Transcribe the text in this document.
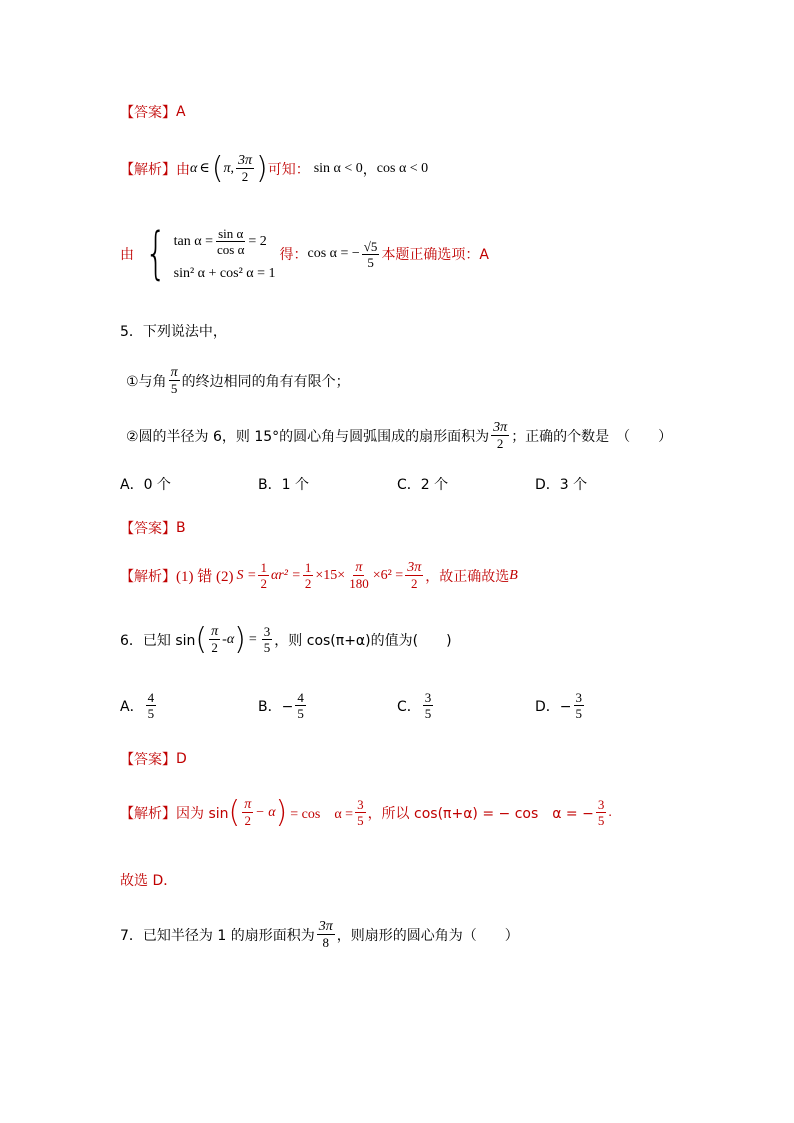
【答案】 A
【解析】 由 α ∈ ( π , $\frac{3\pi}{2}$ ) 可知： sin α < 0 ， cos α < 0
由 { $\tan \alpha = \frac{\text{sin α}}{\text{cos α}} = 2$
sin² α + cos² α = 1
得： cos α = − $\frac{√5}{5}$ 本题正确选项：A
5．下列说法中，
①与角 $\frac{\pi}{5}$ 的终边相同的角有有限个；
②圆的半径为 6，则 15°的圆心角与圆弧围成的扇形面积为 $\frac{3\pi}{2}$ ；正确的个数是　（　　）
A．0 个	B．1 个	C．2 个	D．3 个
【答案】 B
【解析】 (1) 错 (2) $S = \frac{1}{2} \alpha r^2 = \frac{1}{2} \times 15\times \frac{\pi}{180} \times 6^2 = \frac{3\pi}{2}$ ，故正确故选 B
6．已知 sin ( $\frac{\pi}{2} -\alpha$ ) = $\frac{3}{5}$ ，则 cos(π+α)的值为(　　)
A． $\frac{4}{5}$	B．− $\frac{4}{5}$	C． $\frac{3}{5}$	D．− $\frac{3}{5}$
【答案】 D
【解析】 因为 sin ( $\frac{\pi}{2} - \alpha$ ) = cos　$\alpha = \frac{3}{5}$ ，所以 cos(π+α) = − cos　α = − $\frac{3}{5}$ .
故选 D．
7．已知半径为 1 的扇形面积为 $\frac{3\pi}{8}$ ，则扇形的圆心角为（　　）
